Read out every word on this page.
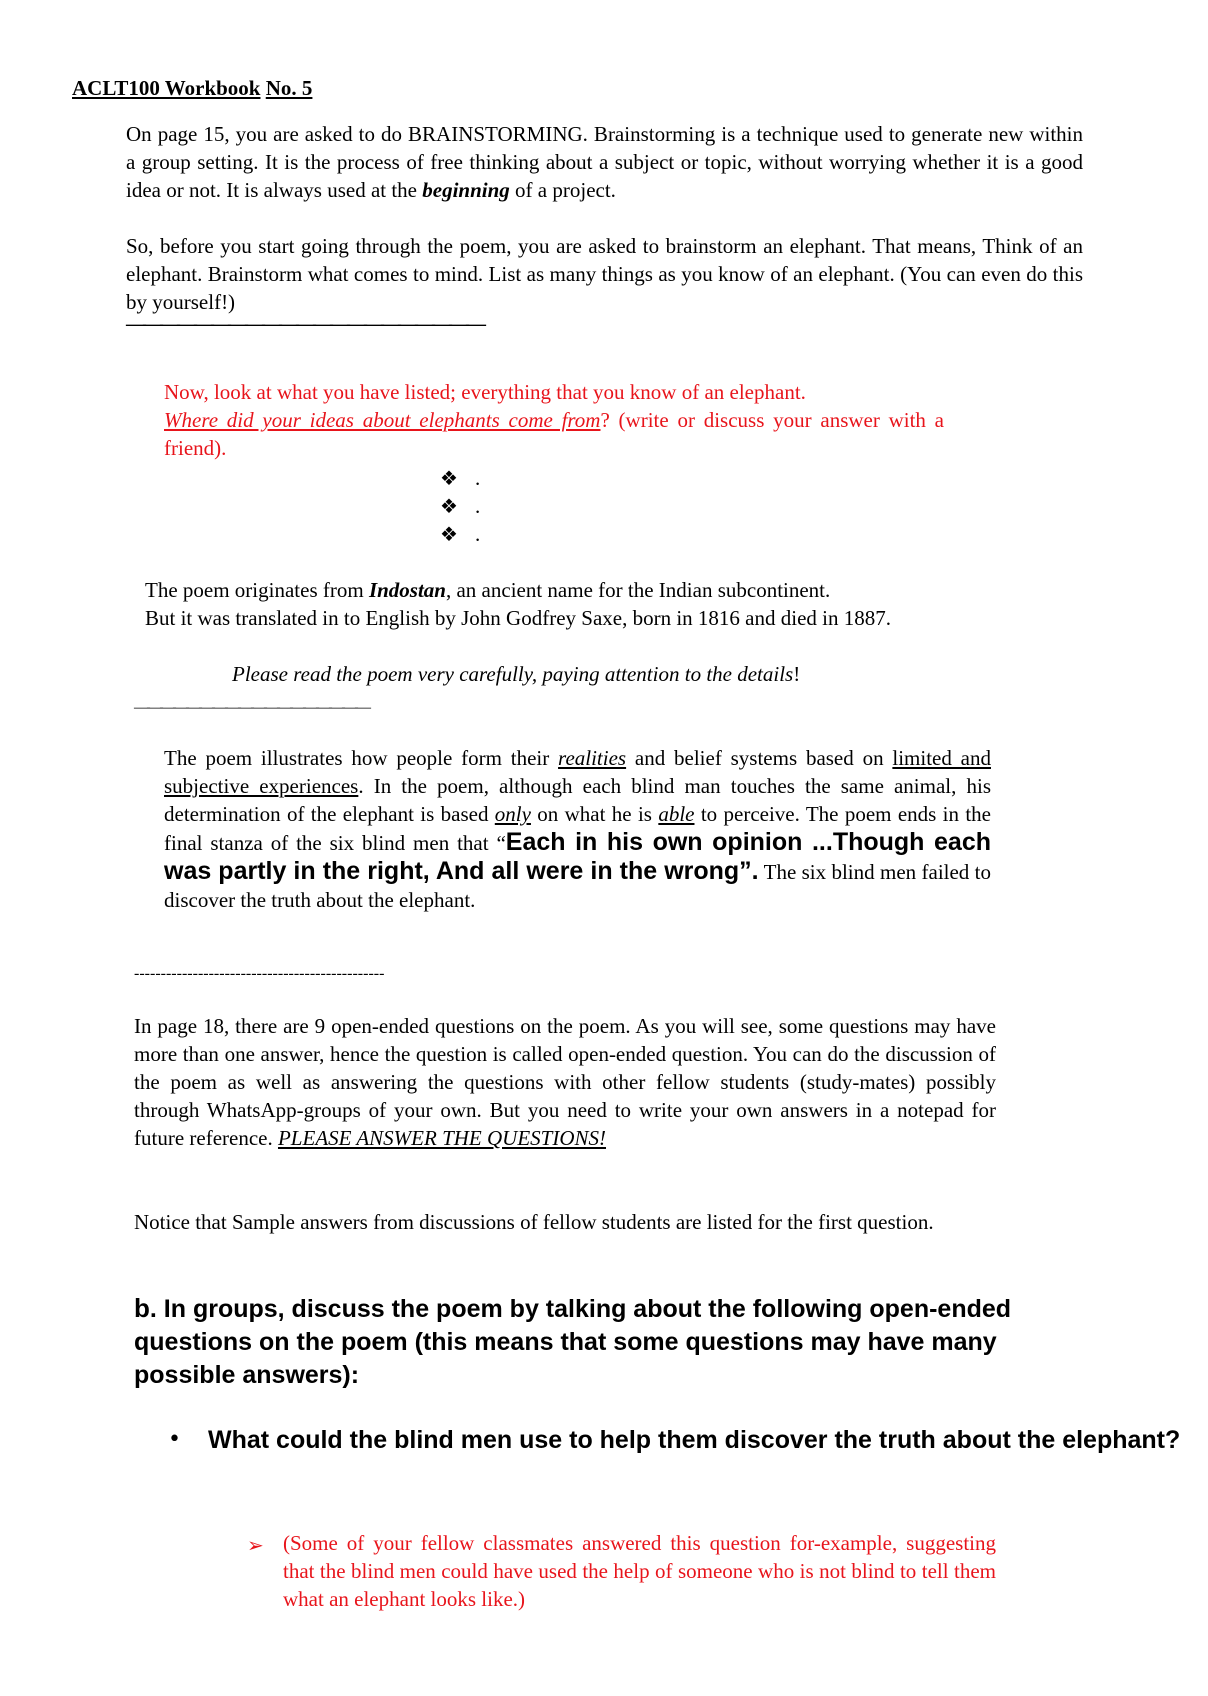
ACLT100 Workbook No. 5
On page 15, you are asked to do BRAINSTORMING. Brainstorming is a technique used to generate new within a group setting. It is the process of free thinking about a subject or topic, without worrying whether it is a good idea or not. It is always used at the beginning of a project.
So, before you start going through the poem, you are asked to brainstorm an elephant. That means, Think of an elephant. Brainstorm what comes to mind. List as many things as you know of an elephant. (You can even do this by yourself!)
—————————————————————
Now, look at what you have listed; everything that you know of an elephant.
Where did your ideas about elephants come from? (write or discuss your answer with a friend).
❖ .
❖ .
❖ .
The poem originates from Indostan, an ancient name for the Indian subcontinent.
But it was translated in to English by John Godfrey Saxe, born in 1816 and died in 1887.
Please read the poem very carefully, paying attention to the details!
——————————————————
The poem illustrates how people form their realities and belief systems based on limited and subjective experiences. In the poem, although each blind man touches the same animal, his determination of the elephant is based only on what he is able to perceive. The poem ends in the final stanza of the six blind men that “Each in his own opinion ...Though each was partly in the right, And all were in the wrong”. The six blind men failed to discover the truth about the elephant.
-----------------------------------------------
In page 18, there are 9 open-ended questions on the poem. As you will see, some questions may have more than one answer, hence the question is called open-ended question. You can do the discussion of the poem as well as answering the questions with other fellow students (study-mates) possibly through WhatsApp-groups of your own. But you need to write your own answers in a notepad for future reference. PLEASE ANSWER THE QUESTIONS!
Notice that Sample answers from discussions of fellow students are listed for the first question.
b. In groups, discuss the poem by talking about the following open-ended questions on the poem (this means that some questions may have many possible answers):
• What could the blind men use to help them discover the truth about the elephant?
➢ (Some of your fellow classmates answered this question for-example, suggesting that the blind men could have used the help of someone who is not blind to tell them what an elephant looks like.)
